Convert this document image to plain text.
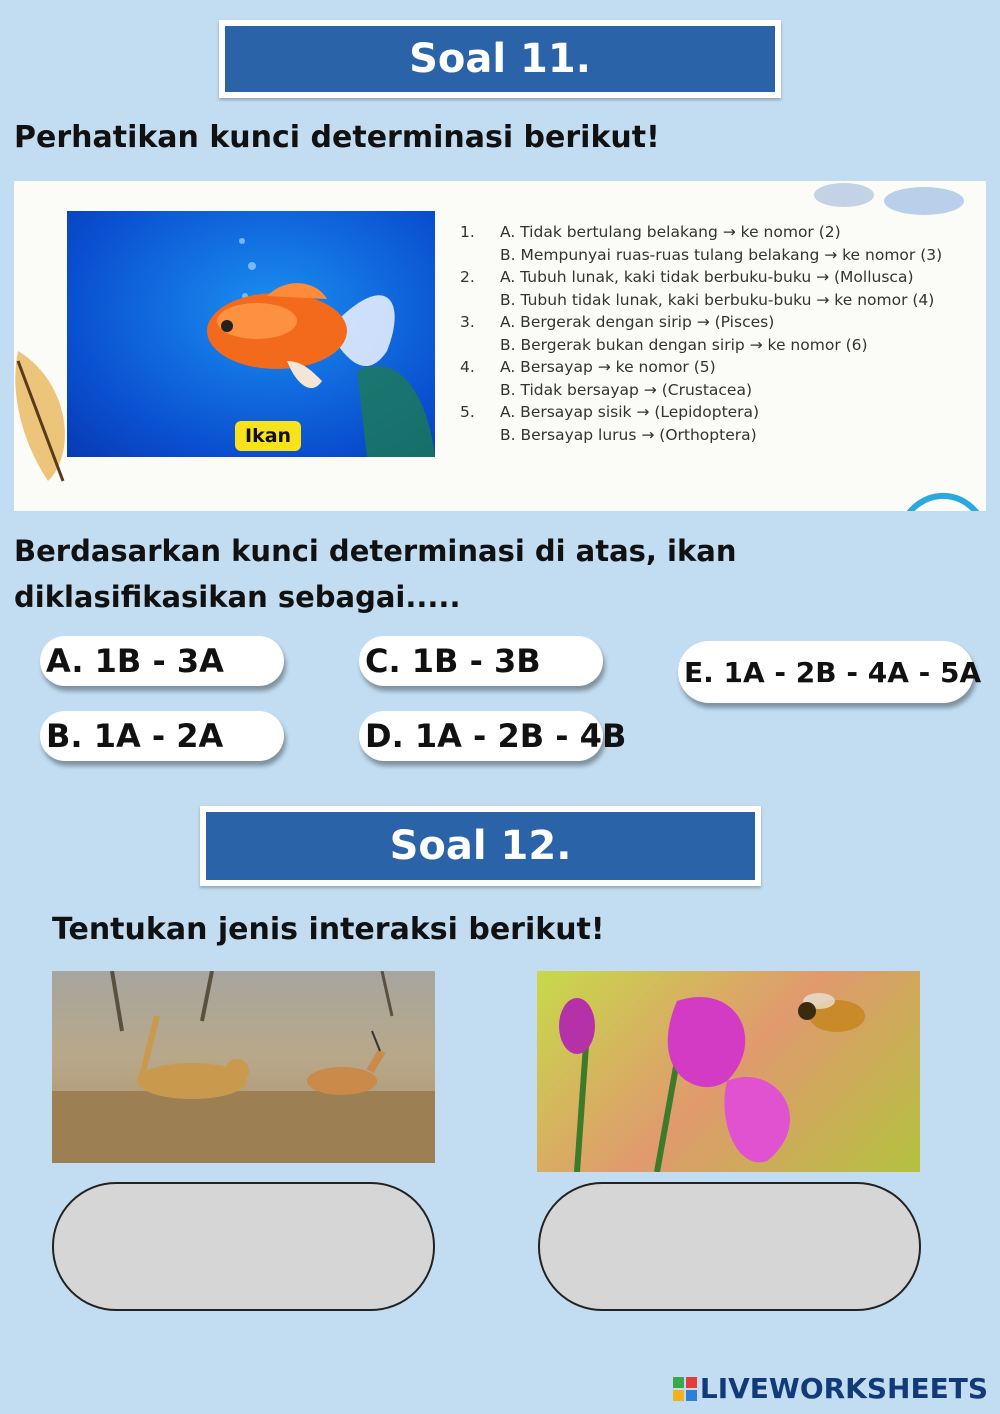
Soal 11.

Perhatikan kunci determinasi berikut!

Ikan
1.	A. Tidak bertulang belakang → ke nomor (2)
B. Mempunyai ruas-ruas tulang belakang → ke nomor (3)
2.	A. Tubuh lunak, kaki tidak berbuku-buku → (Mollusca)
B. Tubuh tidak lunak, kaki berbuku-buku → ke nomor (4)
3.	A. Bergerak dengan sirip → (Pisces)
B. Bergerak bukan dengan sirip → ke nomor (6)
4.	A. Bersayap → ke nomor (5)
B. Tidak bersayap → (Crustacea)
5.	A. Bersayap sisik → (Lepidoptera)
B. Bersayap lurus → (Orthoptera)

Berdasarkan kunci determinasi di atas, ikan diklasifikasikan sebagai.....

A. 1B - 3A
B. 1A - 2A
C. 1B - 3B
D. 1A - 2B - 4B
E. 1A - 2B - 4A - 5A
Soal 12.

Tentukan jenis interaksi berikut!

LIVEWORKSHEETS
